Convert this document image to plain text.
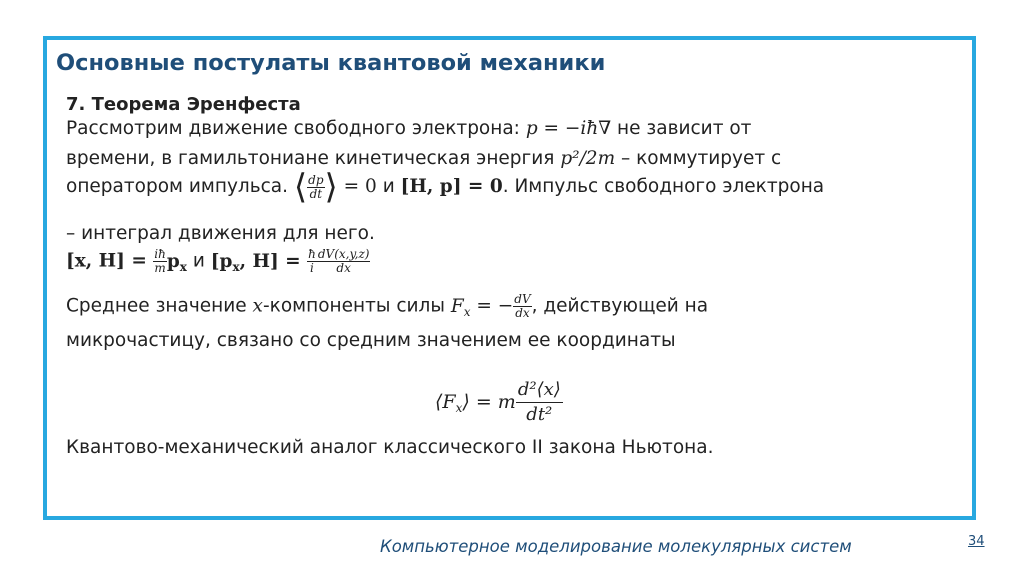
Основные постулаты квантовой механики
7. Теорема Эренфеста
Рассмотрим движение свободного электрона: p = −iħ∇ не зависит от
времени, в гамильтониане кинетическая энергия p²/2m – коммутирует с
оператором импульса. ⟨ $\frac{dp}{dt}$ ⟩ = 0 и [H, p] = 0. Импульс свободного электрона
– интеграл движения для него.
[x, $H] = \frac{iħ}{m} p_x$ и [$p_x$, $H] = \frac{ħ}{i} \frac{dV(x,y,z)}{dx}$
Среднее значение x-компоненты силы $F_x$ = − $\frac{dV}{dx}$ , действующей на
микрочастицу, связано со средним значением ее координаты
$⟨F_x⟩ = m \frac{\text{d²⟨x⟩}}{\text{dt²}}$
Квантово-механический аналог классического II закона Ньютона.
Компьютерное моделирование молекулярных систем	34
